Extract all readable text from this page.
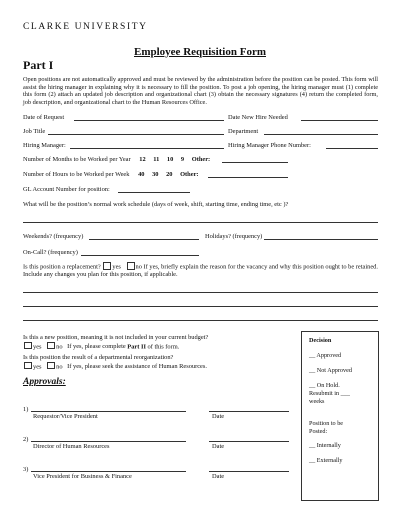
CLARKE UNIVERSITY
Employee Requisition Form
Part I
Open positions are not automatically approved and must be reviewed by the administration before the position can be posted. This form will assist the hiring manager in explaining why it is necessary to fill the position. To post a job opening, the hiring manager must (1) complete this form (2) attach an updated job description and organizational chart (3) obtain the necessary signatures (4) return the completed form, job description, and organizational chart to the Human Resources Office.
Date of Request	Date New Hire Needed
Job Title	Department
Hiring Manager:	Hiring Manager Phone Number:
Number of Months to be Worked per Year 12 11 10 9 Other:
Number of Hours to be Worked per Week 40 30 20 Other:
GL Account Number for position:
What will be the position’s normal work schedule (days of week, shift, starting time, ending time, etc )?
Weekends? (frequency)	Holidays? (frequency)
On-Call? (frequency)
Is this position a replacement? yes no If yes, briefly explain the reason for the vacancy and why this position ought to be retained. Include any changes you plan for this position, if applicable.
Is this a new position, meaning it is not included in your current budget?
yes no If yes, please complete Part II of this form.
Is this position the result of a departmental reorganization?
yes no If yes, please seek the assistance of Human Resources.
Approvals:
1)
Requestor/Vice President	Date
2)
Director of Human Resources	Date
3)
Vice President for Business & Finance	Date
Decision
__ Approved
__ Not Approved
__ On Hold.
Resubmit in ___
weeks
Position to be
Posted:
__ Internally
__ Externally
